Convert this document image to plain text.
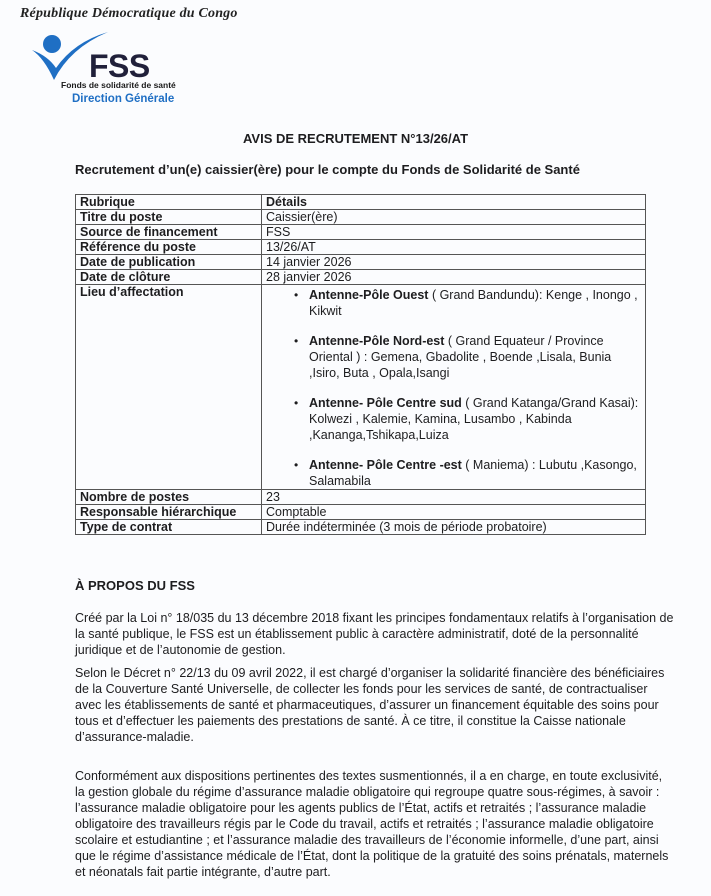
République Démocratique du Congo
FSS
Fonds de solidarité de santé
Direction Générale
AVIS DE RECRUTEMENT N°13/26/AT
Recrutement d’un(e) caissier(ère) pour le compte du Fonds de Solidarité de Santé
Rubrique	Détails
Titre du poste	Caissier(ère)
Source de financement	FSS
Référence du poste	13/26/AT
Date de publication	14 janvier 2026
Date de clôture	28 janvier 2026
Lieu d’affectation	
•Antenne-Pôle Ouest ( Grand Bandundu): Kenge , Inongo , Kikwit
• Antenne-Pôle Nord-est ( Grand Equateur / Province Oriental ) : Gemena, Gbadolite , Boende ,Lisala, Bunia ,Isiro, Buta , Opala,Isangi
• Antenne- Pôle Centre sud ( Grand Katanga/Grand Kasai): Kolwezi , Kalemie, Kamina, Lusambo , Kabinda ,Kananga,Tshikapa,Luiza
• Antenne- Pôle Centre -est ( Maniema) : Lubutu ,Kasongo, Salamabila

Nombre de postes	23
Responsable hiérarchique	Comptable
Type de contrat	Durée indéterminée (3 mois de période probatoire)
À PROPOS DU FSS

Créé par la Loi n° 18/035 du 13 décembre 2018 fixant les principes fondamentaux relatifs à l’organisation de la santé publique, le FSS est un établissement public à caractère administratif, doté de la personnalité juridique et de l’autonomie de gestion.

Selon le Décret n° 22/13 du 09 avril 2022, il est chargé d’organiser la solidarité financière des bénéficiaires de la Couverture Santé Universelle, de collecter les fonds pour les services de santé, de contractualiser avec les établissements de santé et pharmaceutiques, d’assurer un financement équitable des soins pour tous et d’effectuer les paiements des prestations de santé. À ce titre, il constitue la Caisse nationale d’assurance-maladie.

Conformément aux dispositions pertinentes des textes susmentionnés, il a en charge, en toute exclusivité, la gestion globale du régime d’assurance maladie obligatoire qui regroupe quatre sous-régimes, à savoir : l’assurance maladie obligatoire pour les agents publics de l’État, actifs et retraités ; l’assurance maladie obligatoire des travailleurs régis par le Code du travail, actifs et retraités ; l’assurance maladie obligatoire scolaire et estudiantine ; et l’assurance maladie des travailleurs de l’économie informelle, d’une part, ainsi que le régime d’assistance médicale de l’État, dont la politique de la gratuité des soins prénatals, maternels et néonatals fait partie intégrante, d’autre part.
